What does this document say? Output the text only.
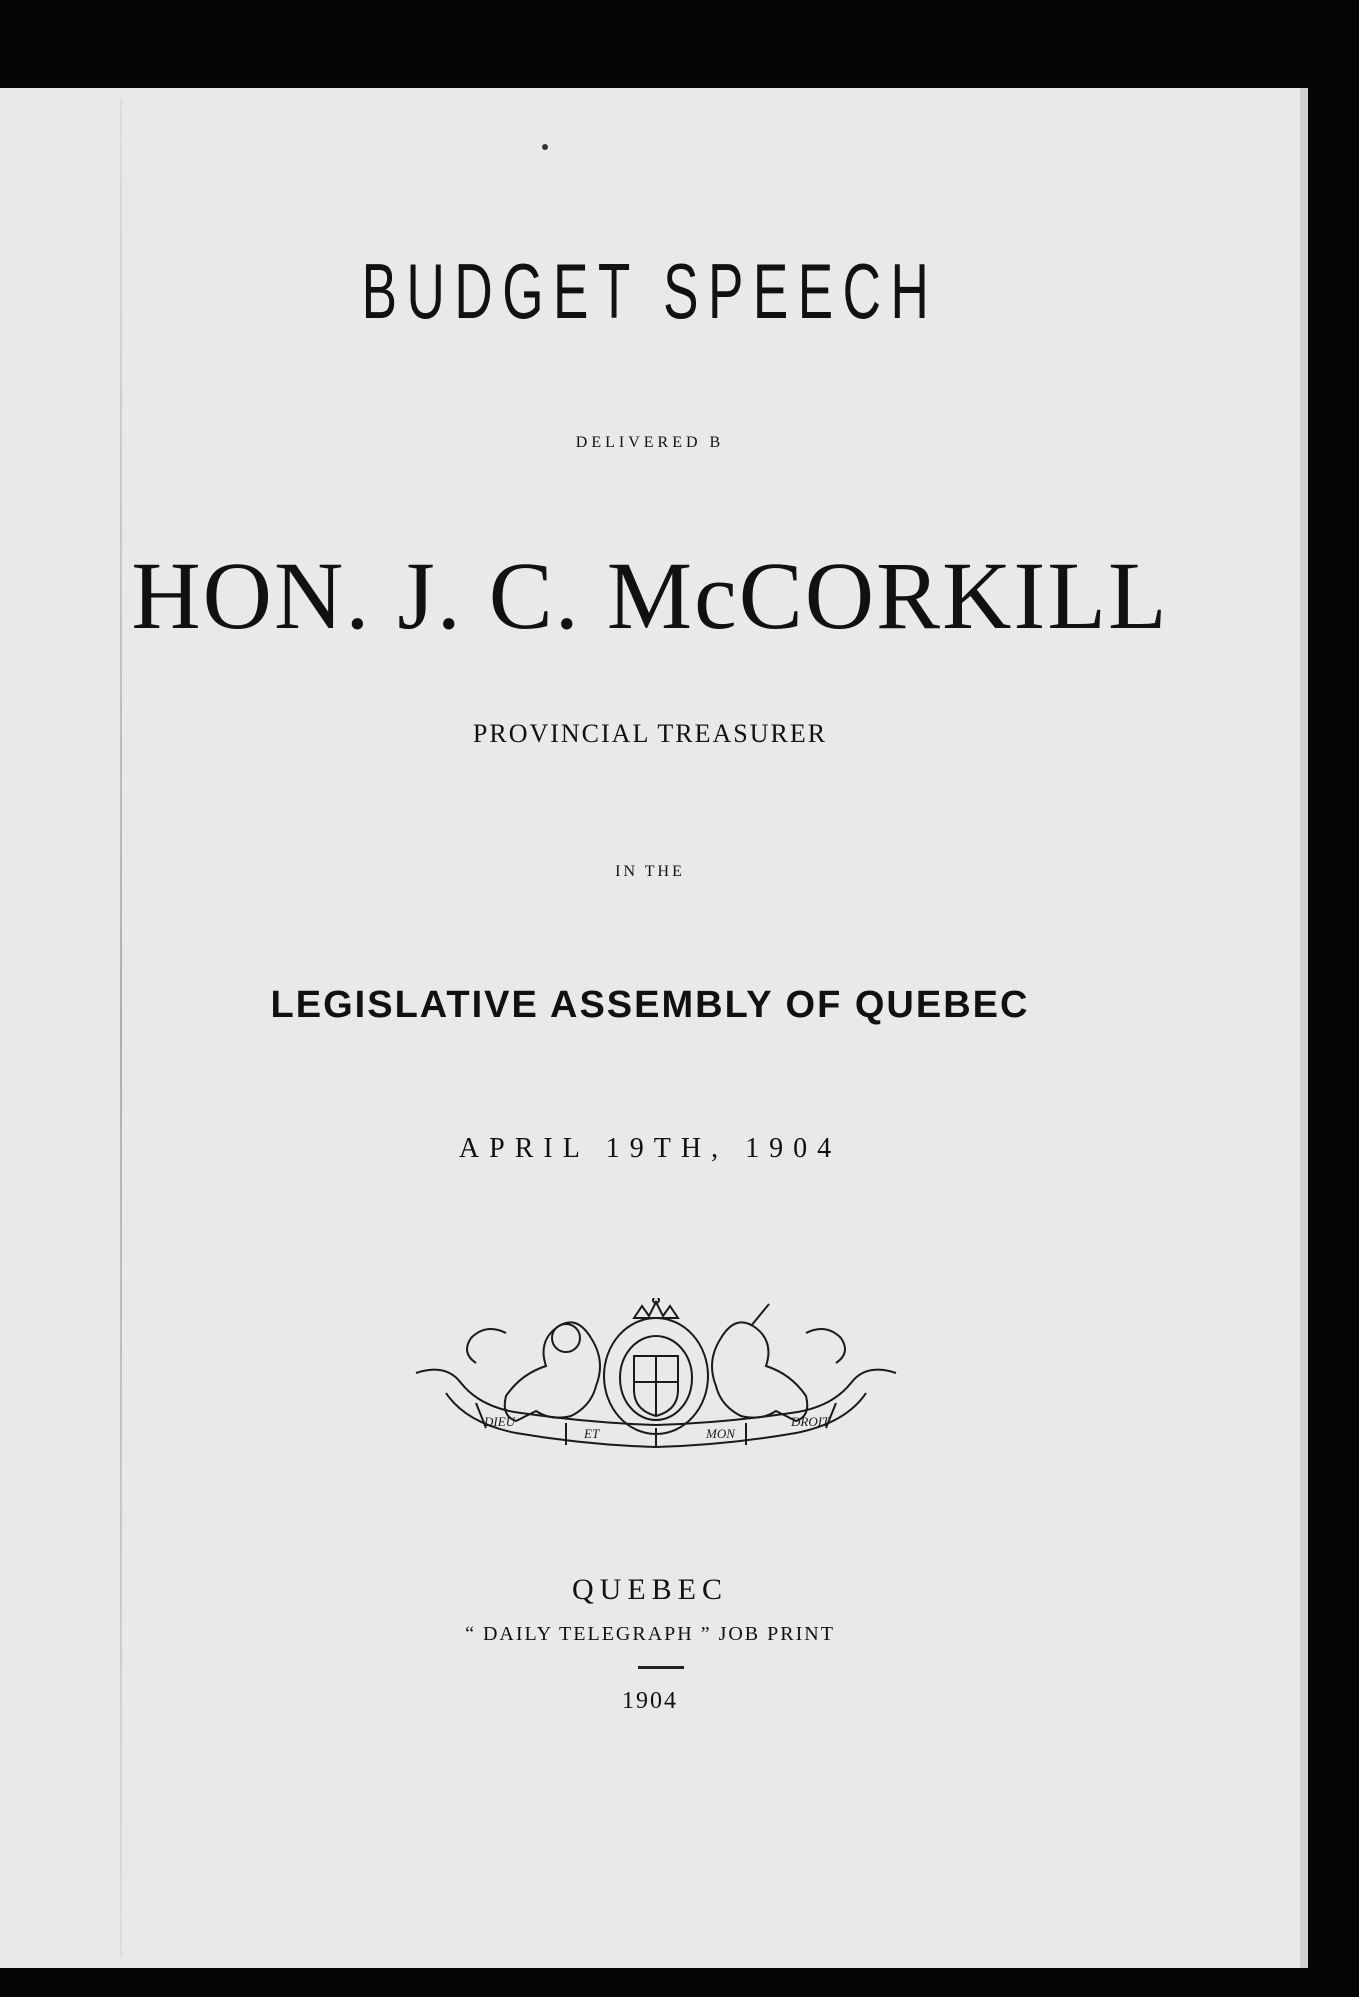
BUDGET SPEECH
DELIVERED B
HON. J. C. McCORKILL
PROVINCIAL TREASURER
IN THE
LEGISLATIVE ASSEMBLY OF QUEBEC
APRIL 19TH, 1904
DIEU
ET	MON
DROIT
QUEBEC
“ DAILY TELEGRAPH ” JOB PRINT
1904
